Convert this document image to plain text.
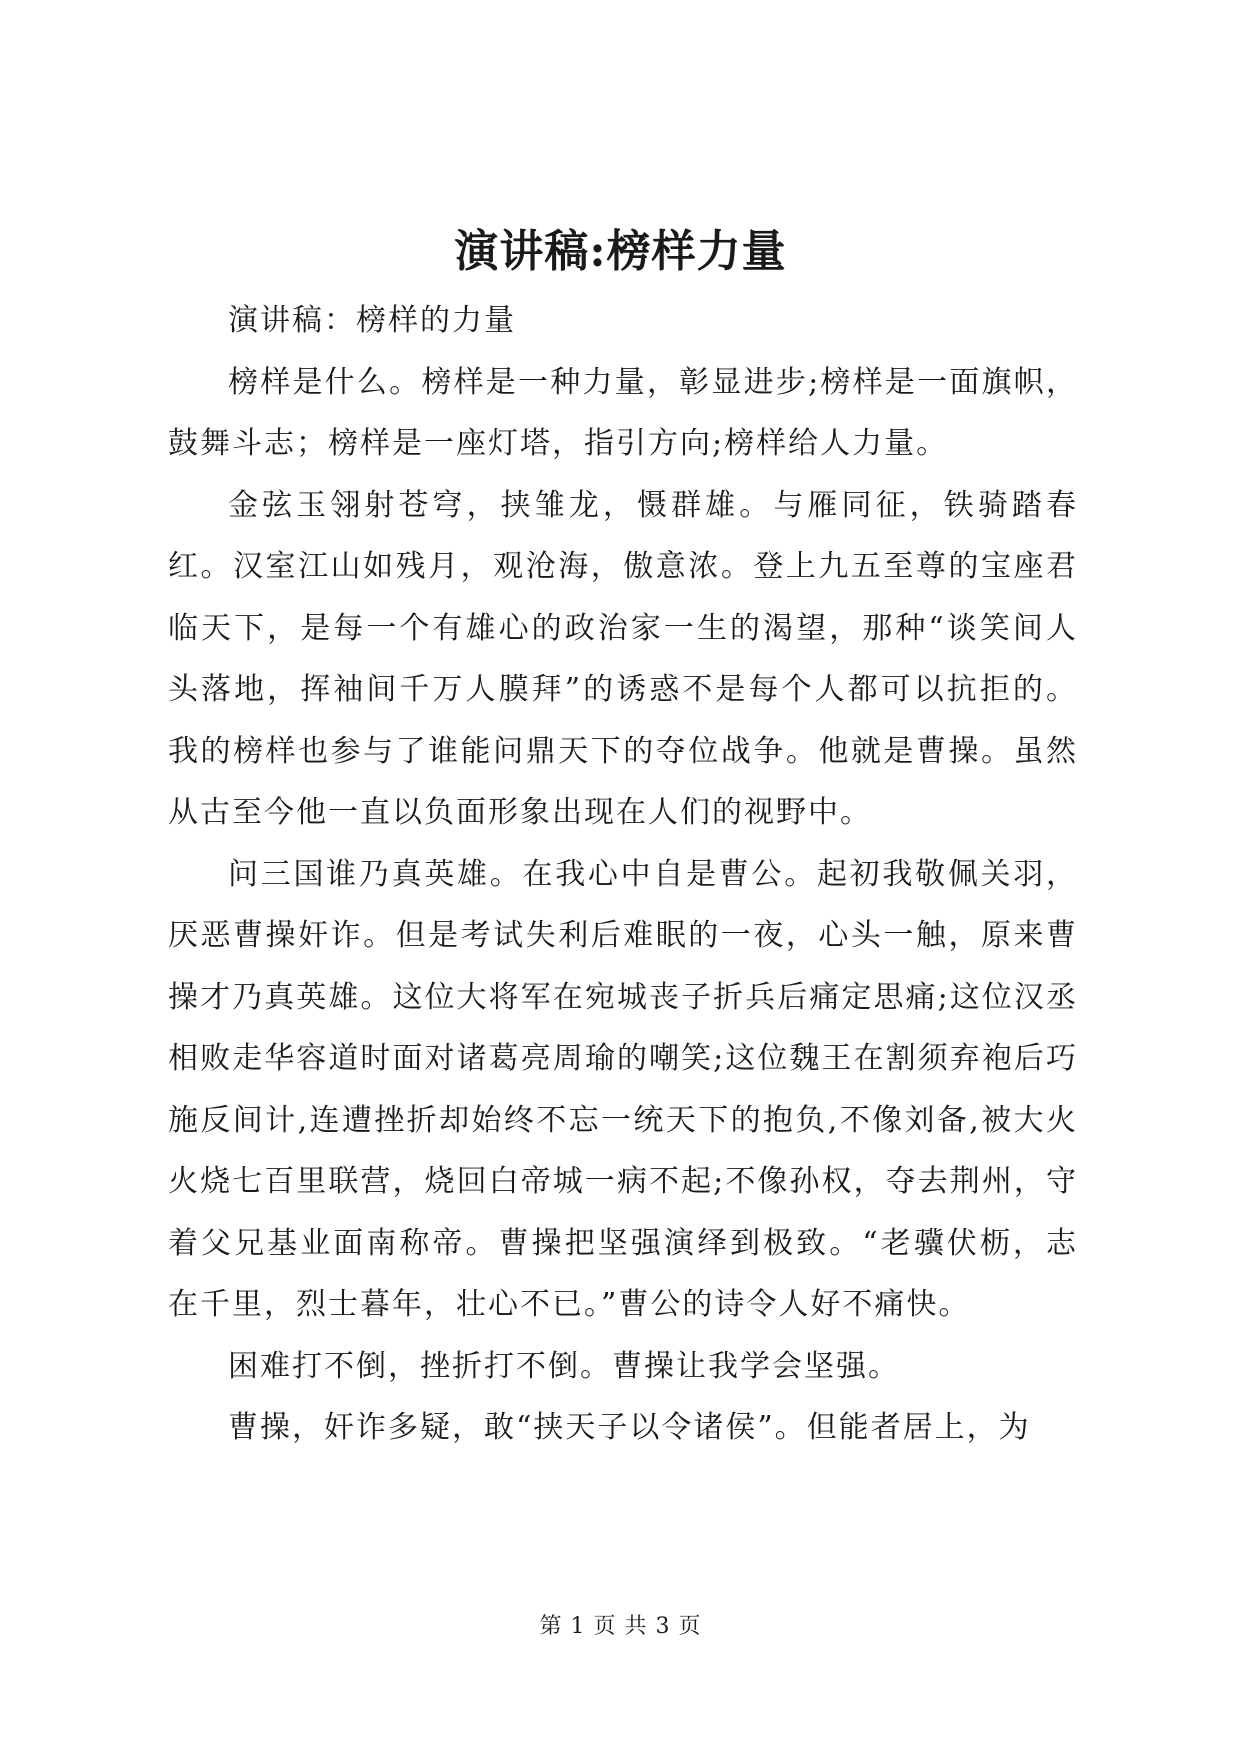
演讲稿:榜样力量

演讲稿：榜样的力量

榜样是什么。榜样是一种力量，彰显进步;榜样是一面旗帜，鼓舞斗志；榜样是一座灯塔，指引方向;榜样给人力量。

金弦玉翎射苍穹，挟雏龙，慑群雄。与雁同征，铁骑踏春红。汉室江山如残月，观沧海，傲意浓。登上九五至尊的宝座君临天下，是每一个有雄心的政治家一生的渴望，那种“谈笑间人头落地，挥袖间千万人膜拜”的诱惑不是每个人都可以抗拒的。我的榜样也参与了谁能问鼎天下的夺位战争。他就是曹操。虽然从古至今他一直以负面形象出现在人们的视野中。

问三国谁乃真英雄。在我心中自是曹公。起初我敬佩关羽，厌恶曹操奸诈。但是考试失利后难眠的一夜，心头一触，原来曹操才乃真英雄。这位大将军在宛城丧子折兵后痛定思痛;这位汉丞相败走华容道时面对诸葛亮周瑜的嘲笑;这位魏王在割须弃袍后巧施反间计,连遭挫折却始终不忘一统天下的抱负,不像刘备,被大火火烧七百里联营，烧回白帝城一病不起;不像孙权，夺去荆州，守着父兄基业面南称帝。曹操把坚强演绎到极致。“老骥伏枥，志在千里，烈士暮年，壮心不已。”曹公的诗令人好不痛快。

困难打不倒，挫折打不倒。曹操让我学会坚强。

曹操，奸诈多疑，敢“挟天子以令诸侯”。但能者居上，为

第 1 页 共 3 页
